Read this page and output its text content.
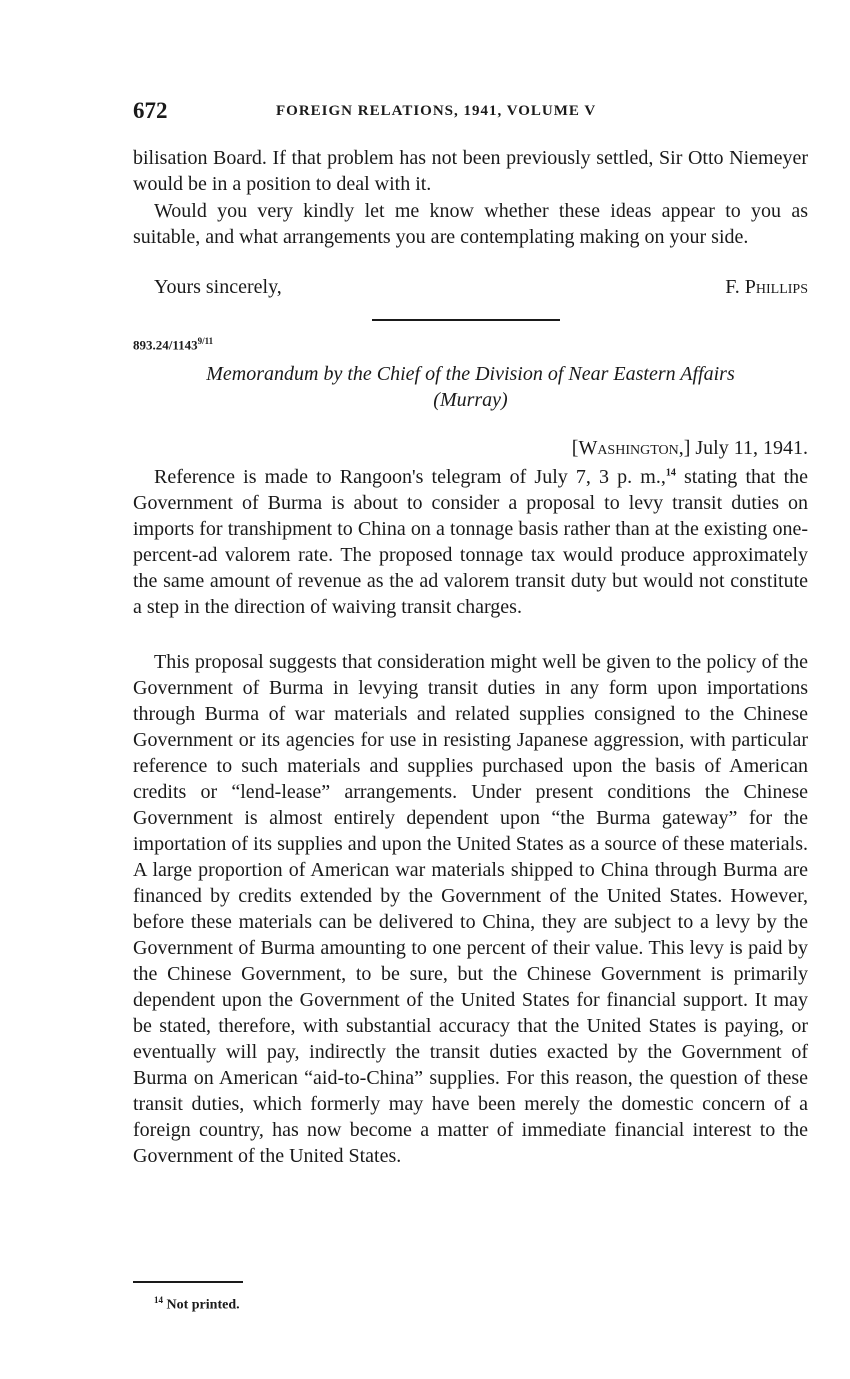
672	FOREIGN RELATIONS, 1941, VOLUME V

bilisation Board. If that problem has not been previously settled, Sir Otto Niemeyer would be in a position to deal with it.

Would you very kindly let me know whether these ideas appear to you as suitable, and what arrangements you are contemplating making on your side.

Yours sincerely,	F. Phillips
$893.24/1143^{9/11}$
Memorandum by the Chief of the Division of Near Eastern Affairs
(Murray)
[Washington,] July 11, 1941.

Reference is made to Rangoon's telegram of July 7, 3 p. m.,$^{14}$ stating that the Government of Burma is about to consider a proposal to levy transit duties on imports for transhipment to China on a tonnage basis rather than at the existing one-percent-ad valorem rate. The proposed tonnage tax would produce approximately the same amount of revenue as the ad valorem transit duty but would not constitute a step in the direction of waiving transit charges.

This proposal suggests that consideration might well be given to the policy of the Government of Burma in levying transit duties in any form upon importations through Burma of war materials and related supplies consigned to the Chinese Government or its agencies for use in resisting Japanese aggression, with particular reference to such materials and supplies purchased upon the basis of American credits or “lend-lease” arrangements. Under present conditions the Chinese Government is almost entirely dependent upon “the Burma gateway” for the importation of its supplies and upon the United States as a source of these materials. A large proportion of American war materials shipped to China through Burma are financed by credits extended by the Government of the United States. However, before these materials can be delivered to China, they are subject to a levy by the Government of Burma amounting to one percent of their value. This levy is paid by the Chinese Government, to be sure, but the Chinese Government is primarily dependent upon the Government of the United States for financial support. It may be stated, therefore, with substantial accuracy that the United States is paying, or eventually will pay, indirectly the transit duties exacted by the Government of Burma on American “aid-to-China” supplies. For this reason, the question of these transit duties, which formerly may have been merely the domestic concern of a foreign country, has now become a matter of immediate financial interest to the Government of the United States.

$^{14}$ Not printed.
